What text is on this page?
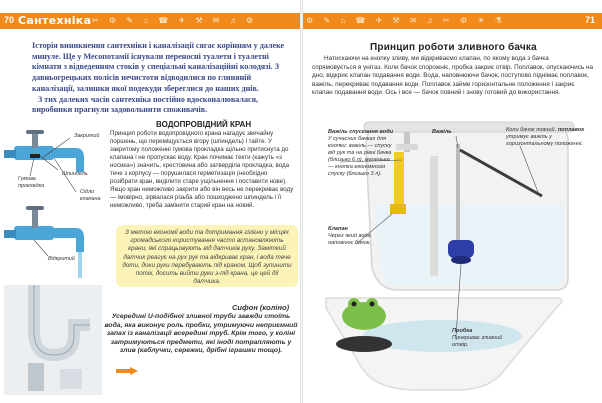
70	71
Сантехніка ✂ ⚙ ✎ ⌂ ☎ ✈ ⚒ ✉ ♫ ⚙	⚙ ✎ ⌂ ☎ ✈ ⚒ ✉ ♫ ✂ ⚙ ☀ ⚗

Історія виникнення сантехніки і каналізації сягає корінням у далеке минуле. Ще у Месопотамії існували переносні туалети і туалетні кімнати з відведенням стоків у спеціальні каналізаційні колодязі. З давньогрецьких полісів нечистоти відводилися по глиняній каналізації, залишки якої подекуди збереглися до наших днів.

З тих далеких часів сантехніка постійно вдосконалювалася, виробники прагнули задовольнити споживачів.

ВОДОПРОВІДНИЙ КРАН
Принцип роботи водопровідного крана нагадує звичайну поршень, що переміщується вгору (шпиндель) і тайте. У закритому положенні гумова прокладка щільно притиснута до клапана і не пропускає воду. Кран почимає текти (кажуть «з носика») значить, хрестовина або затверділа прокладка, вода тече з корпусу — порушилася герметизація (необхідно розібрати кран, виділити старе ущільнення і поставити нове). Якщо кран неможливо закрити або він весь не перекриває воду — імовірно, зірвалася різьба або пошкоджено шпиндель і її неможливо, треба замінити старий кран на новий.
Закритий
Шпиндель
Гумова прокладка
Сідло клапана
Відкритий

З метою економії води та дотримання гігієни у місцях громадського користування часто встановлюють крани, які спрацьовують від датчиків руху. Заміткий датчик реагує на рух рук та відкриває кран, і вода тече доти, доки руки перебувають під краном. Щоб зупинити потік, досить вийти руки з-під крана, це цей дії датчика.

Сифон (коліно)
Усередині U-подібної зливної труби завжди стоїть вода, яка виконує роль пробки, утримуючи неприємний запах із каналізації всередині труб. Крім того, у коліні затримуються предмети, які іноді потрапляють у злив (каблучки, сережки, дрібні іграшки тощо).
Принцип роботи зливного бачка
Натискаючи на кнопку зливу, ми відкриваємо клапан, по якому вода з бачка спрямовується в унітаз. Коли бачок спорожніє, пробка закриє отвір. Поплавок, опускаючись на дно, відкриє клапан подавання води. Вода, наповнюючи бачок, поступово піднімає поплавок, важіль, перекриває подавання води. Поплавок займе горизонтальне положення і закриє клапан подавання води. Ось і все — бачок повний і знову готовий до використання.
Важіль спускання води
У сучасних бачках для кнопки: важіль — спуску від рук та на рівні бачка (близько 6 л), маленька — кнопка економного спуску (близько 3 л).
Важіль	Коли бачок повний, поплавок утримує важіль у горизонтальному положенні.
Клапан
Через який вода наповнює бачок.
Пробка
Прикриває зливний отвір.
